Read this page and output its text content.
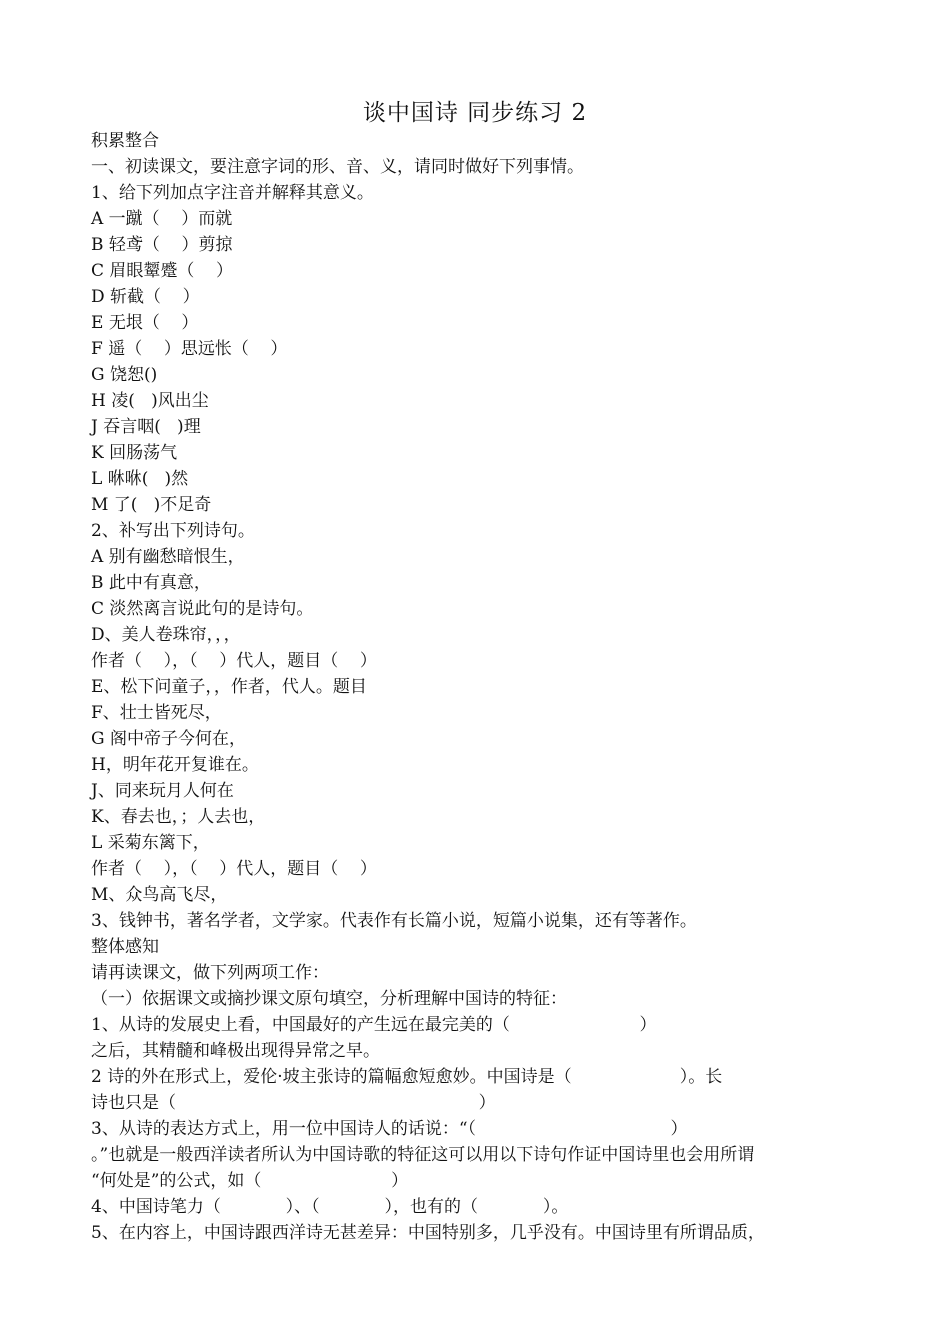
谈中国诗 同步练习 2
积累整合
一、初读课文，要注意字词的形、音、义，请同时做好下列事情。
1、给下列加点字注音并解释其意义。
A 一蹴（    ）而就
B 轻鸢（    ）剪掠
C 眉眼颦蹙（    ）
D 斩截（    ）
E 无垠（    ）
F 遥（    ）思远怅（    ）
G 饶恕()
H 凌(   )风出尘
J 吞言咽(   )理
K 回肠荡气
L 咻咻(   )然
M 了(   )不足奇
2、补写出下列诗句。
A 别有幽愁暗恨生，
B 此中有真意，
C 淡然离言说此句的是诗句。
D、美人卷珠帘，，，
作者（    ），（    ）代人，题目（    ）
E、松下问童子，，作者，代人。题目
F、壮士皆死尽，
G 阁中帝子今何在，
H，明年花开复谁在。
J、同来玩月人何在
K、春去也，；人去也，
L 采菊东篱下，
作者（    ），（    ）代人，题目（    ）
M、众鸟高飞尽，
3、钱钟书，著名学者，文学家。代表作有长篇小说，短篇小说集，还有等著作。
整体感知
请再读课文，做下列两项工作：
（一）依据课文或摘抄课文原句填空，分析理解中国诗的特征：
1、从诗的发展史上看，中国最好的产生远在最完美的（                        ）
之后，其精髓和峰极出现得异常之早。
2 诗的外在形式上，爱伦·坡主张诗的篇幅愈短愈妙。中国诗是（                    ）。长
诗也只是（                                                        ）
3、从诗的表达方式上，用一位中国诗人的话说：“（                                    ）
。”也就是一般西洋读者所认为中国诗歌的特征这可以用以下诗句作证中国诗里也会用所谓
“何处是”的公式，如（                        ）
4、中国诗笔力（            ）、（            ），也有的（            ）。
5、在内容上，中国诗跟西洋诗无甚差异：中国特别多，几乎没有。中国诗里有所谓品质，
